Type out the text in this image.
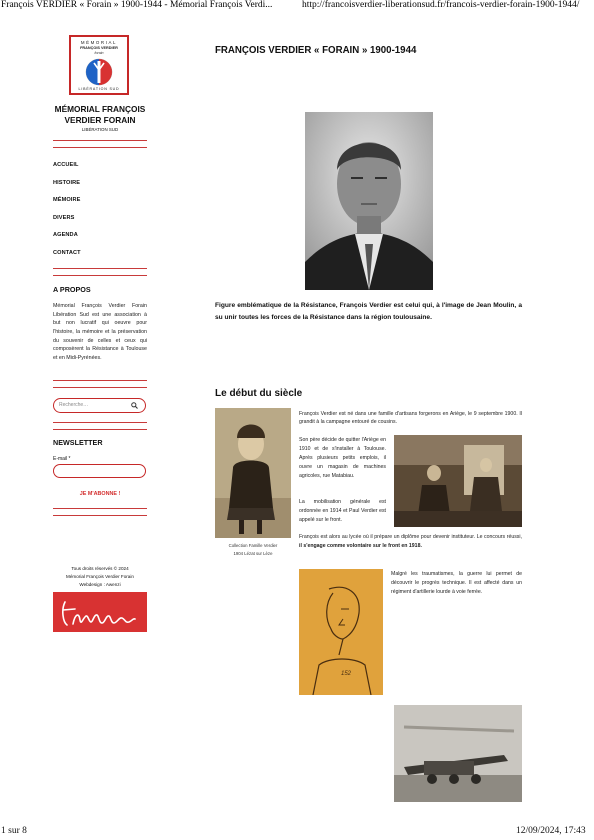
François VERDIER « Forain » 1900-1944 - Mémorial François Verdi...	http://francoisverdier-liberationsud.fr/francois-verdier-forain-1900-1944/
MÉMORIAL
FRANÇOIS VERDIER
forain
LIBÉRATION SUD
MÉMORIAL FRANÇOIS VERDIER FORAIN
LIBÉRATION SUD
ACCUEIL
HISTOIRE
MÉMOIRE
DIVERS
AGENDA
CONTACT
A PROPOS
Mémorial François Verdier Forain Libération Sud est une association à but non lucratif qui oeuvre pour l'histoire, la mémoire et la préservation du souvenir de celles et ceux qui composèrent la Résistance à Toulouse et en Midi-Pyrénées.
Recherche…
NEWSLETTER
E-mail *
JE M'ABONNE !
Tous droits réservés © 2024
Mémorial François Verdier Forain
Webdesign : Awenzi
FRANÇOIS VERDIER « FORAIN » 1900-1944
Figure emblématique de la Résistance, François Verdier est celui qui, à l'image de Jean Moulin, a su unir toutes les forces de la Résistance dans la région toulousaine.
Le début du siècle
Collection Famille Verdier
1904 Lézat sur Lèze
François Verdier est né dans une famille d'artisans forgerons en Ariège, le 9 septembre 1900. Il grandit à la campagne entouré de cousins.
Son père décide de quitter l'Ariège en 1910 et de s'installer à Toulouse. Après plusieurs petits emplois, il ouvre un magasin de machines agricoles, rue Matabiau.
La mobilisation générale est ordonnée en 1914 et Paul Verdier est appelé sur le front.
François est alors au lycée où il prépare un diplôme pour devenir instituteur. Le concours réussi, il s'engage comme volontaire sur le front en 1918.
152
Malgré les traumatismes, la guerre lui permet de découvrir le progrès technique. Il est affecté dans un régiment d'artillerie lourde à voie ferrée.
1 sur 8	12/09/2024, 17:43
